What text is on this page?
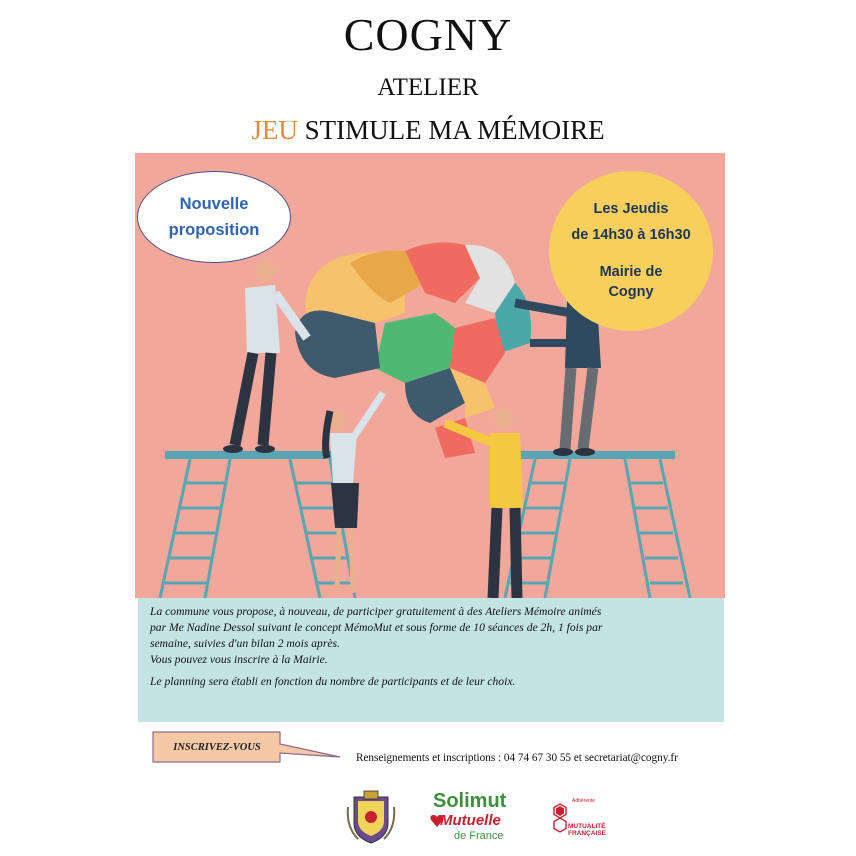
COGNY
ATELIER
JEU STIMULE MA MÉMOIRE
Nouvelle
proposition
Les Jeudis
de 14h30 à 16h30
Mairie de
Cogny

La commune vous propose, à nouveau, de participer gratuitement à des Ateliers Mémoire animés

par Me Nadine Dessol suivant le concept MémoMut et sous forme de 10 séances de 2h, 1 fois par

semaine, suivies d'un bilan 2 mois après.

Vous pouvez vous inscrire à la Mairie.

Le planning sera établi en fonction du nombre de participants et de leur choix.

INSCRIVEZ-VOUS
Renseignements et inscriptions : 04 74 67 30 55 et secretariat@cogny.fr
Solimut
Mutuelle
de France
Adhérente
MUTUALITÉ
FRANÇAISE
